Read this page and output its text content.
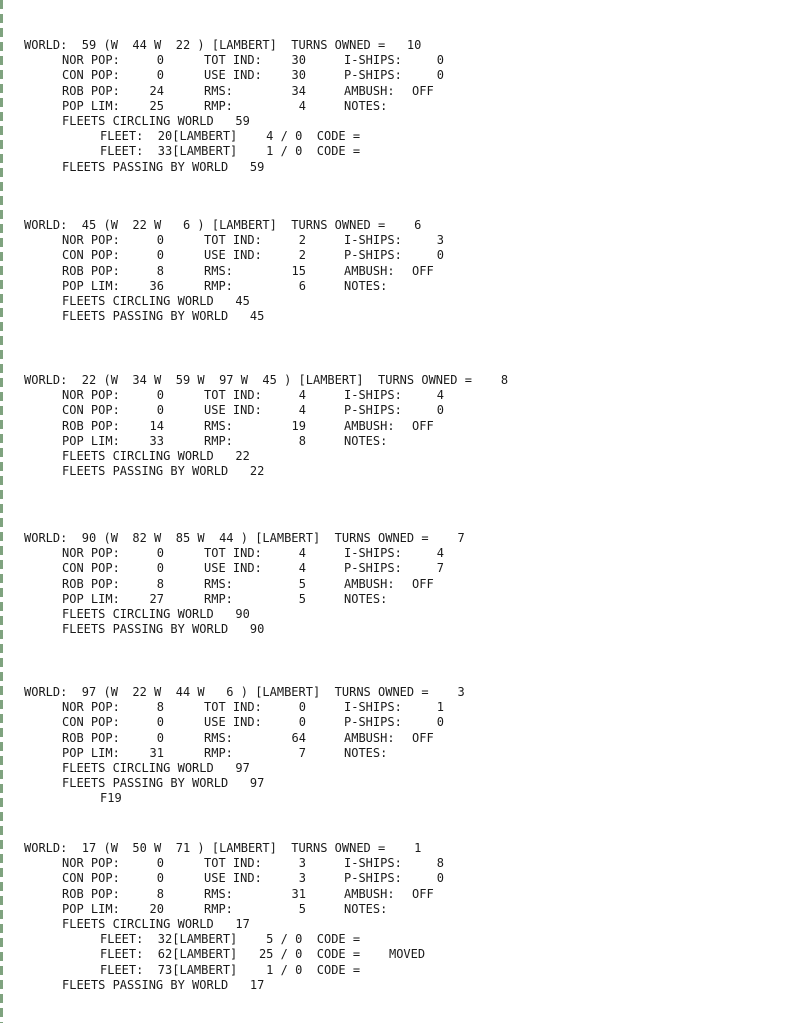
WORLD:  59 (W  44 W  22 ) [LAMBERT]  TURNS OWNED =   10
NOR POP:	0	TOT IND:	30	I-SHIPS:	0
CON POP:	0	USE IND:	30	P-SHIPS:	0
ROB POP:	24	RMS:	34	AMBUSH: OFF
POP LIM:	25	RMP:	4	NOTES:
FLEETS CIRCLING WORLD   59
FLEET:  20[LAMBERT]    4 / 0  CODE =
FLEET:  33[LAMBERT]    1 / 0  CODE =
FLEETS PASSING BY WORLD   59
WORLD:  45 (W  22 W   6 ) [LAMBERT]  TURNS OWNED =    6
NOR POP:	0	TOT IND:	2	I-SHIPS:	3
CON POP:	0	USE IND:	2	P-SHIPS:	0
ROB POP:	8	RMS:	15	AMBUSH: OFF
POP LIM:	36	RMP:	6	NOTES:
FLEETS CIRCLING WORLD   45
FLEETS PASSING BY WORLD   45
WORLD:  22 (W  34 W  59 W  97 W  45 ) [LAMBERT]  TURNS OWNED =    8
NOR POP:	0	TOT IND:	4	I-SHIPS:	4
CON POP:	0	USE IND:	4	P-SHIPS:	0
ROB POP:	14	RMS:	19	AMBUSH: OFF
POP LIM:	33	RMP:	8	NOTES:
FLEETS CIRCLING WORLD   22
FLEETS PASSING BY WORLD   22
WORLD:  90 (W  82 W  85 W  44 ) [LAMBERT]  TURNS OWNED =    7
NOR POP:	0	TOT IND:	4	I-SHIPS:	4
CON POP:	0	USE IND:	4	P-SHIPS:	7
ROB POP:	8	RMS:	5	AMBUSH: OFF
POP LIM:	27	RMP:	5	NOTES:
FLEETS CIRCLING WORLD   90
FLEETS PASSING BY WORLD   90
WORLD:  97 (W  22 W  44 W   6 ) [LAMBERT]  TURNS OWNED =    3
NOR POP:	8	TOT IND:	0	I-SHIPS:	1
CON POP:	0	USE IND:	0	P-SHIPS:	0
ROB POP:	0	RMS:	64	AMBUSH: OFF
POP LIM:	31	RMP:	7	NOTES:
FLEETS CIRCLING WORLD   97
FLEETS PASSING BY WORLD   97
F19
WORLD:  17 (W  50 W  71 ) [LAMBERT]  TURNS OWNED =    1
NOR POP:	0	TOT IND:	3	I-SHIPS:	8
CON POP:	0	USE IND:	3	P-SHIPS:	0
ROB POP:	8	RMS:	31	AMBUSH: OFF
POP LIM:	20	RMP:	5	NOTES:
FLEETS CIRCLING WORLD   17
FLEET:  32[LAMBERT]    5 / 0  CODE =
FLEET:  62[LAMBERT]   25 / 0  CODE =    MOVED
FLEET:  73[LAMBERT]    1 / 0  CODE =
FLEETS PASSING BY WORLD   17
